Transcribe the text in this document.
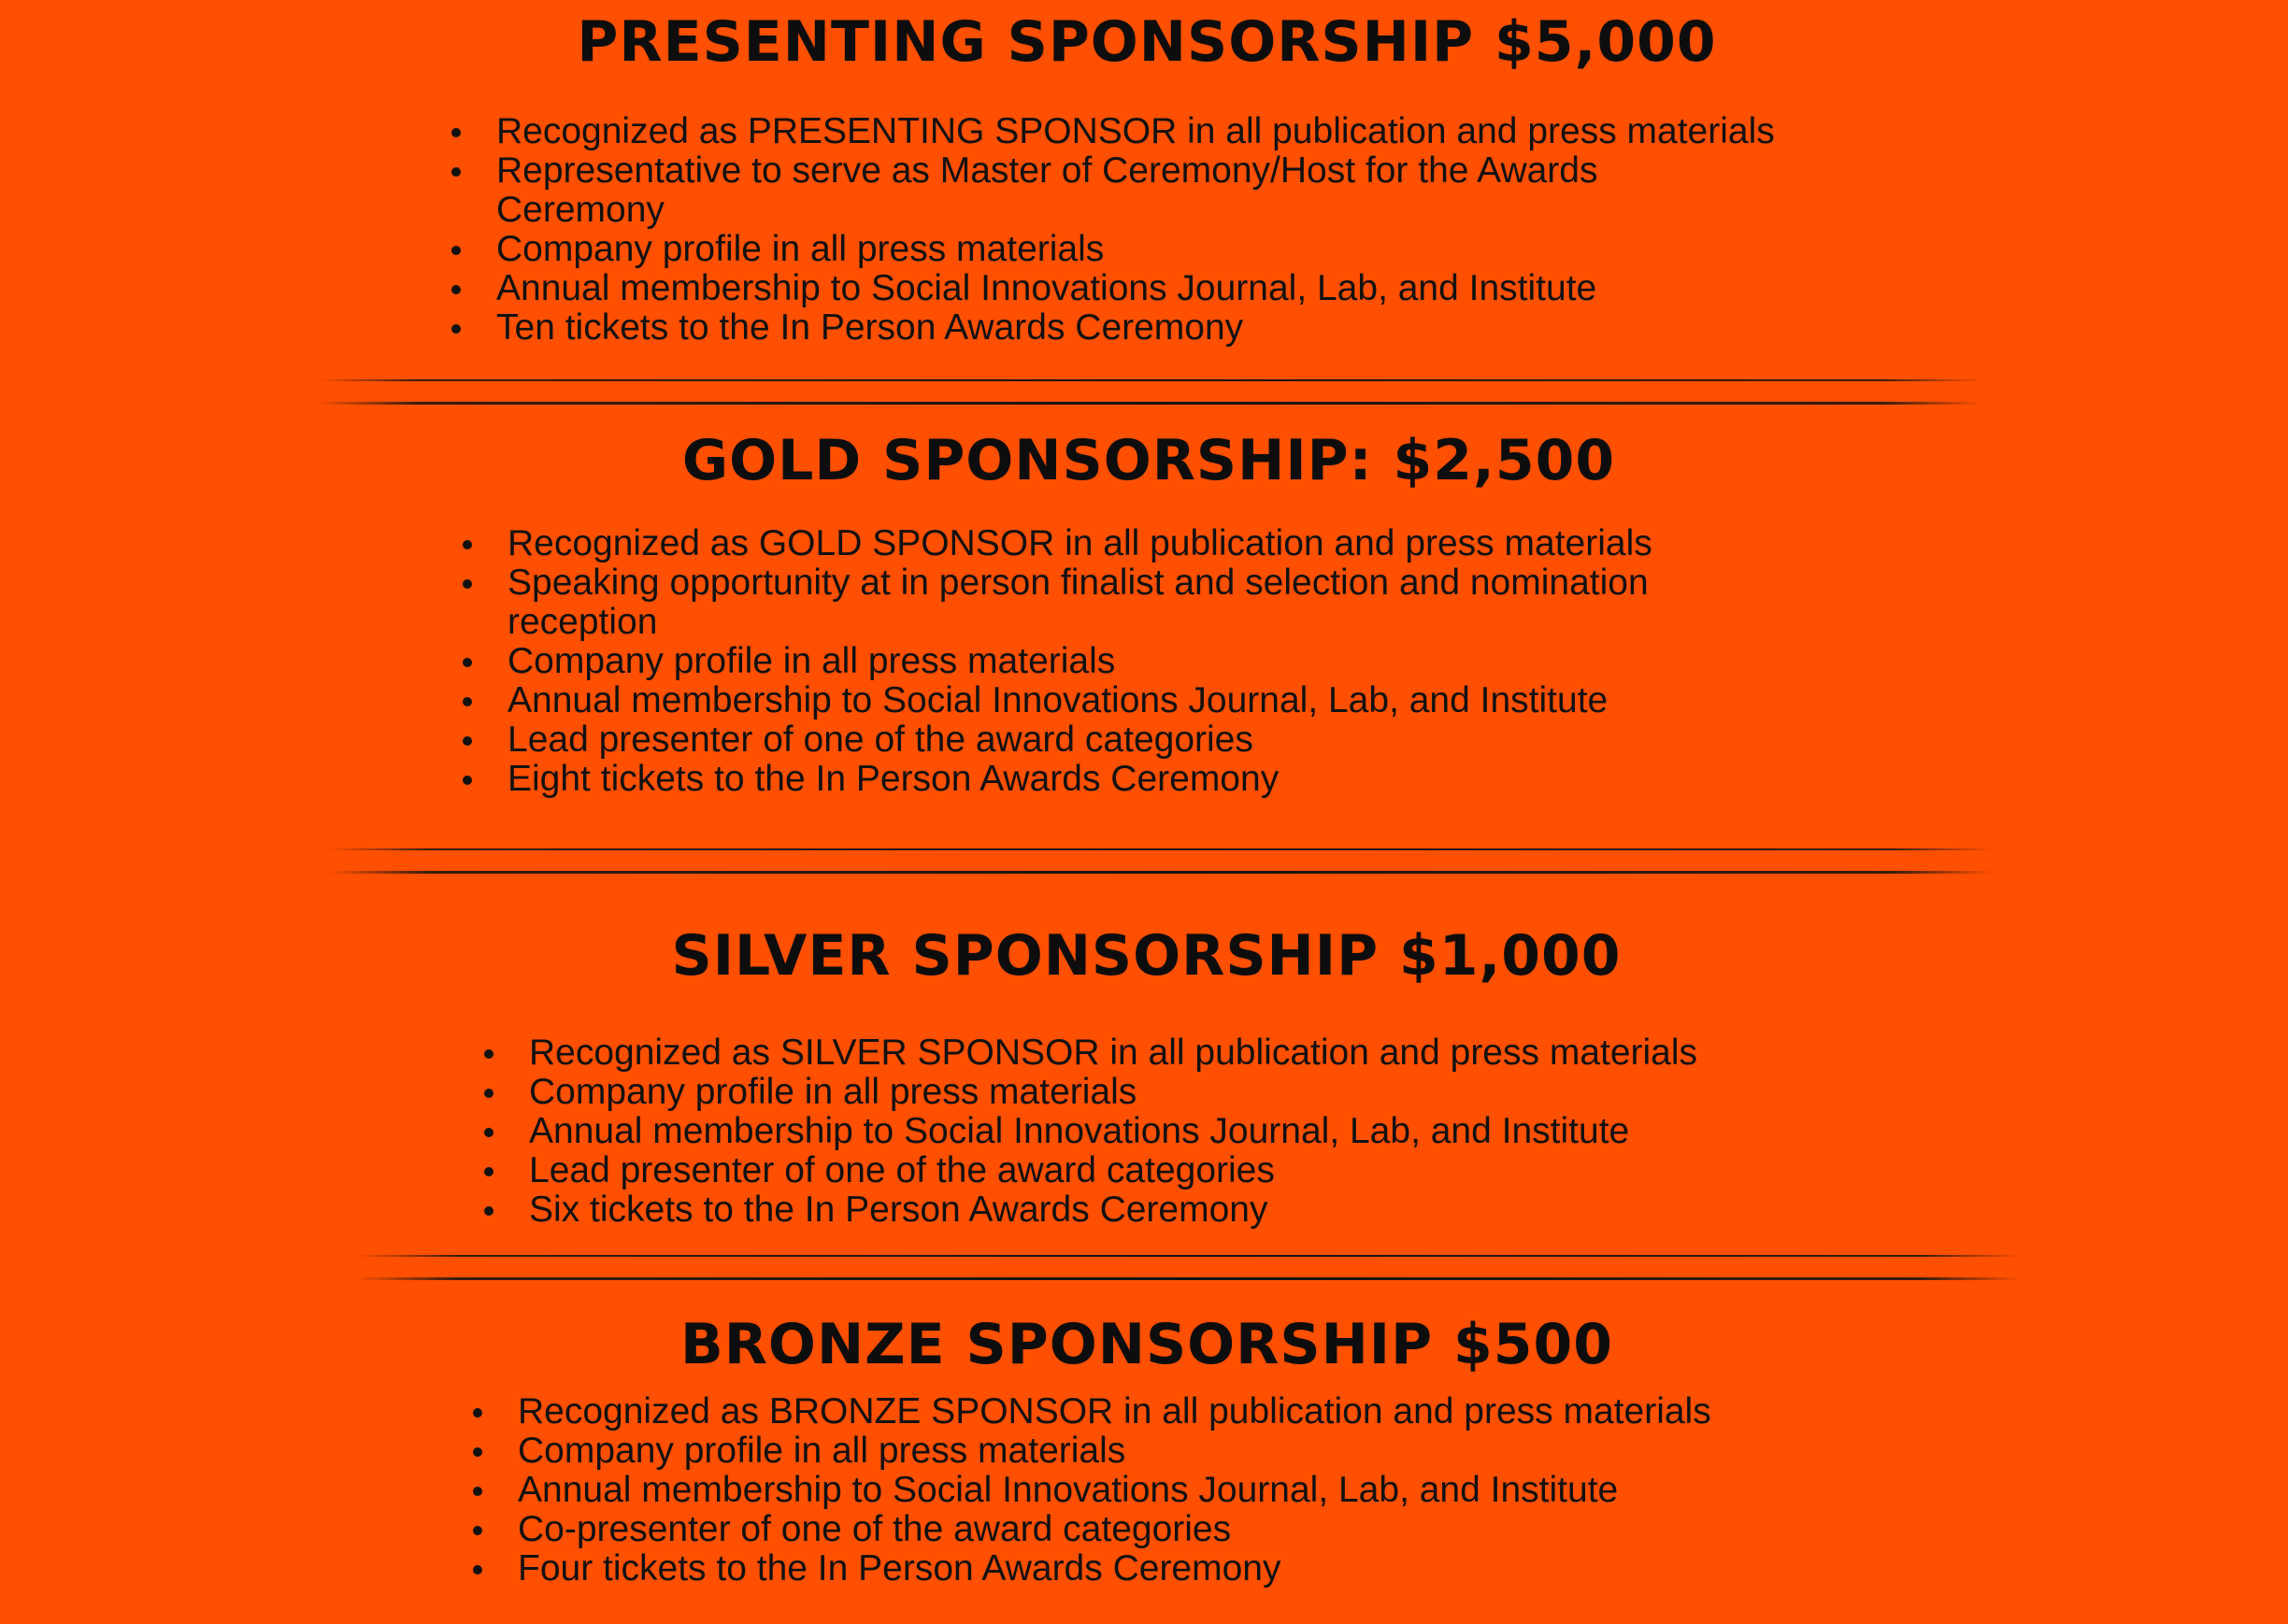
PRESENTING SPONSORSHIP $5,000
Recognized as PRESENTING SPONSOR in all publication and press materials
Representative to serve as Master of Ceremony/Host for the Awards Ceremony
Company profile in all press materials
Annual membership to Social Innovations Journal, Lab, and Institute
Ten tickets to the In Person Awards Ceremony
GOLD SPONSORSHIP: $2,500
Recognized as GOLD SPONSOR in all publication and press materials
Speaking opportunity at in person finalist and selection and nomination reception
Company profile in all press materials
Annual membership to Social Innovations Journal, Lab, and Institute
Lead presenter of one of the award categories
Eight tickets to the In Person Awards Ceremony
SILVER SPONSORSHIP $1,000
Recognized as SILVER SPONSOR in all publication and press materials
Company profile in all press materials
Annual membership to Social Innovations Journal, Lab, and Institute
Lead presenter of one of the award categories
Six tickets to the In Person Awards Ceremony
BRONZE SPONSORSHIP $500
Recognized as BRONZE SPONSOR in all publication and press materials
Company profile in all press materials
Annual membership to Social Innovations Journal, Lab, and Institute
Co-presenter of one of the award categories
Four tickets to the In Person Awards Ceremony
